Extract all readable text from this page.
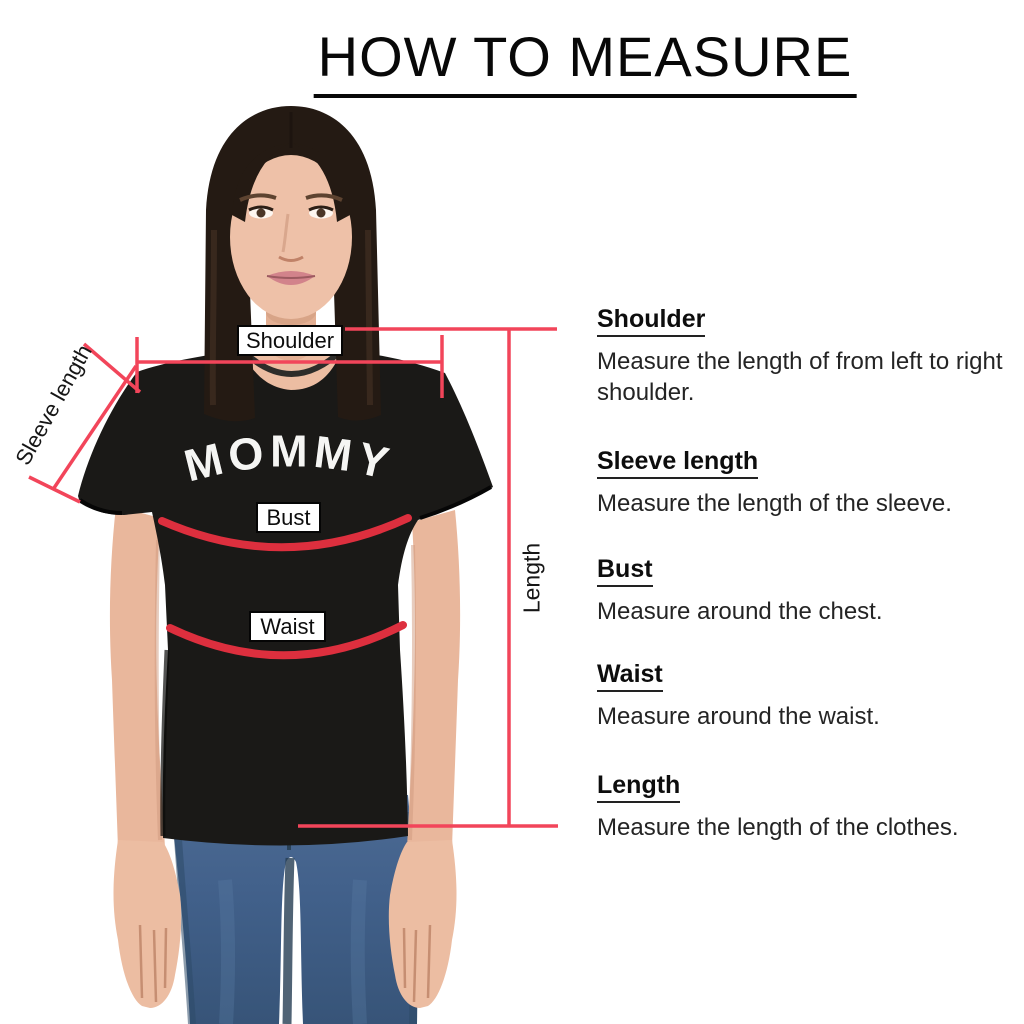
HOW TO MEASURE
MOMMY
Shoulder
Bust
Waist
Sleeve length
Length
Shoulder

Measure the length of from left to right shoulder.

Sleeve length

Measure the length of the sleeve.

Bust

Measure around the chest.

Waist

Measure around the waist.

Length

Measure the length of the clothes.
